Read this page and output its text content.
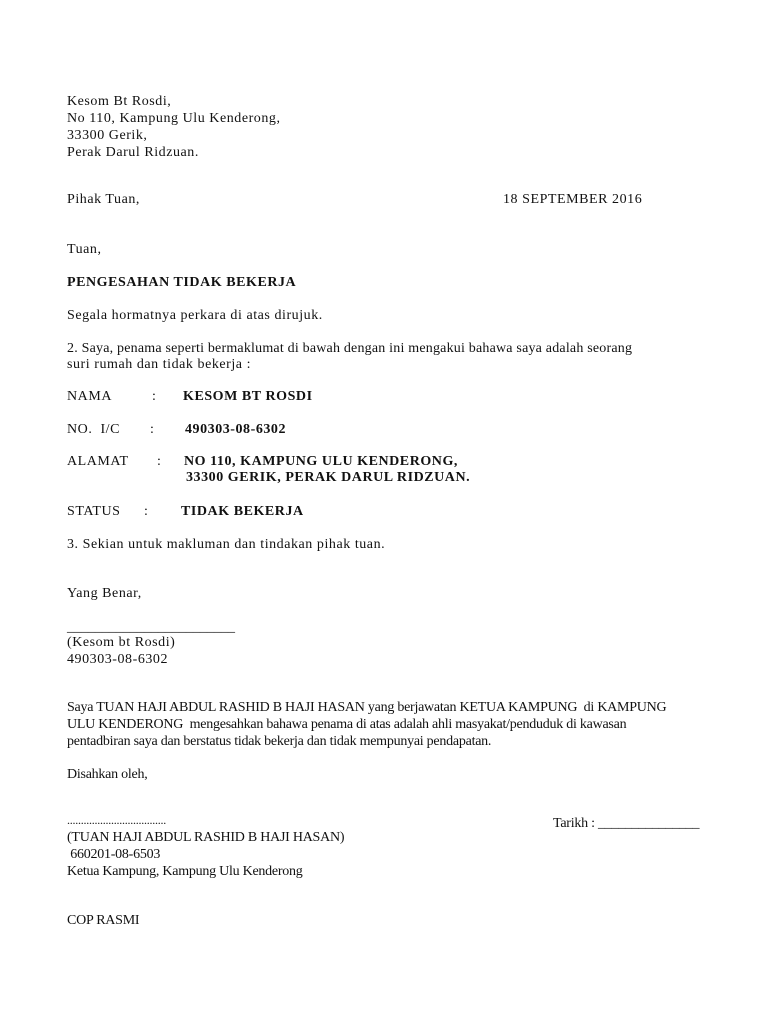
Kesom Bt Rosdi,
No 110, Kampung Ulu Kenderong,
33300 Gerik,
Perak Darul Ridzuan.
Pihak Tuan,	18 SEPTEMBER 2016
Tuan,
PENGESAHAN TIDAK BEKERJA
Segala hormatnya perkara di atas dirujuk.
2. Saya, penama seperti bermaklumat di bawah dengan ini mengakui bahawa saya adalah seorang
suri rumah dan tidak bekerja :
NAMA	: KESOM BT ROSDI
NO.  I/C : 490303-08-6302
ALAMAT : NO 110, KAMPUNG ULU KENDERONG,
33300 GERIK, PERAK DARUL RIDZUAN.
STATUS : TIDAK BEKERJA
3. Sekian untuk makluman dan tindakan pihak tuan.
Yang Benar,
________________________
(Kesom bt Rosdi)
490303-08-6302
Saya TUAN HAJI ABDUL RASHID B HAJI HASAN yang berjawatan KETUA KAMPUNG  di KAMPUNG
ULU KENDERONG  mengesahkan bahawa penama di atas adalah ahli masyakat/penduduk di kawasan
pentadbiran saya dan berstatus tidak bekerja dan tidak mempunyai pendapatan.
Disahkan oleh,
....................................	Tarikh : _______________
(TUAN HAJI ABDUL RASHID B HAJI HASAN)
660201-08-6503
Ketua Kampung, Kampung Ulu Kenderong
COP RASMI
